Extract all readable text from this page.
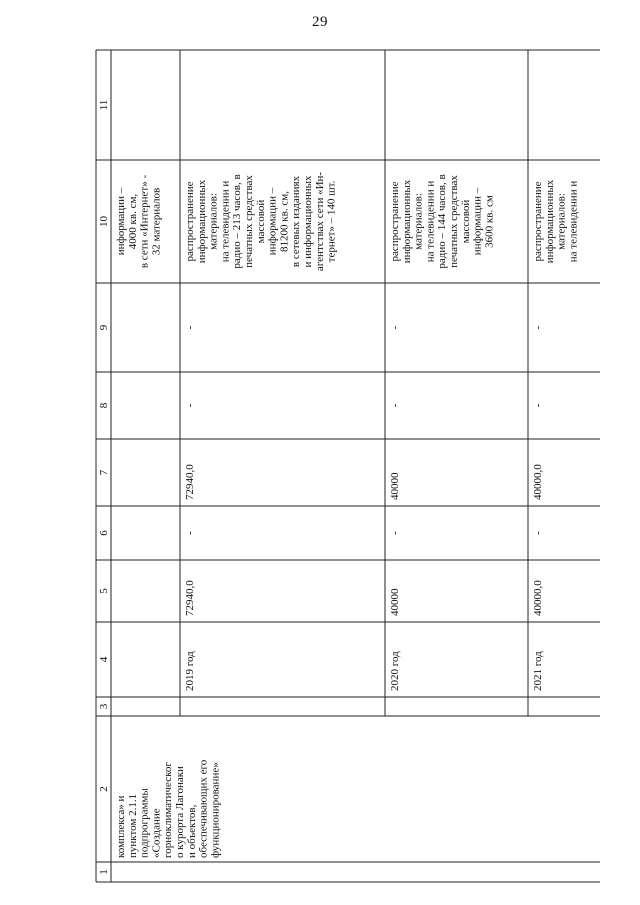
29
1
2
3
4
5
6
7
8
9
10
11
информации – 4000 кв. см, в сети «Интернет» - 32 материалов
комплекса» и пунктом 2.1.1 подпрограммы «Создание горноклиматическог о курорта Лагонаки и объектов, обеспечивающих его функционирование»
2019 год
72940,0
-
72940,0
-
-
распространение информационных материалов: на телевидении и радио – 213 часов, в печатных средствах массовой информации – 81200 кв. см, в сетевых изданиях и информационных агентствах сети «Ин- тернет» – 140 шт.
2020 год
40000
-
40000
-
-
распространение информационных материалов: на телевидении и радио – 144 часов, в печатных средствах массовой информации – 3600 кв. см
2021 год
40000,0
-
40000,0
-
-
распространение информационных материалов: на телевидении и
